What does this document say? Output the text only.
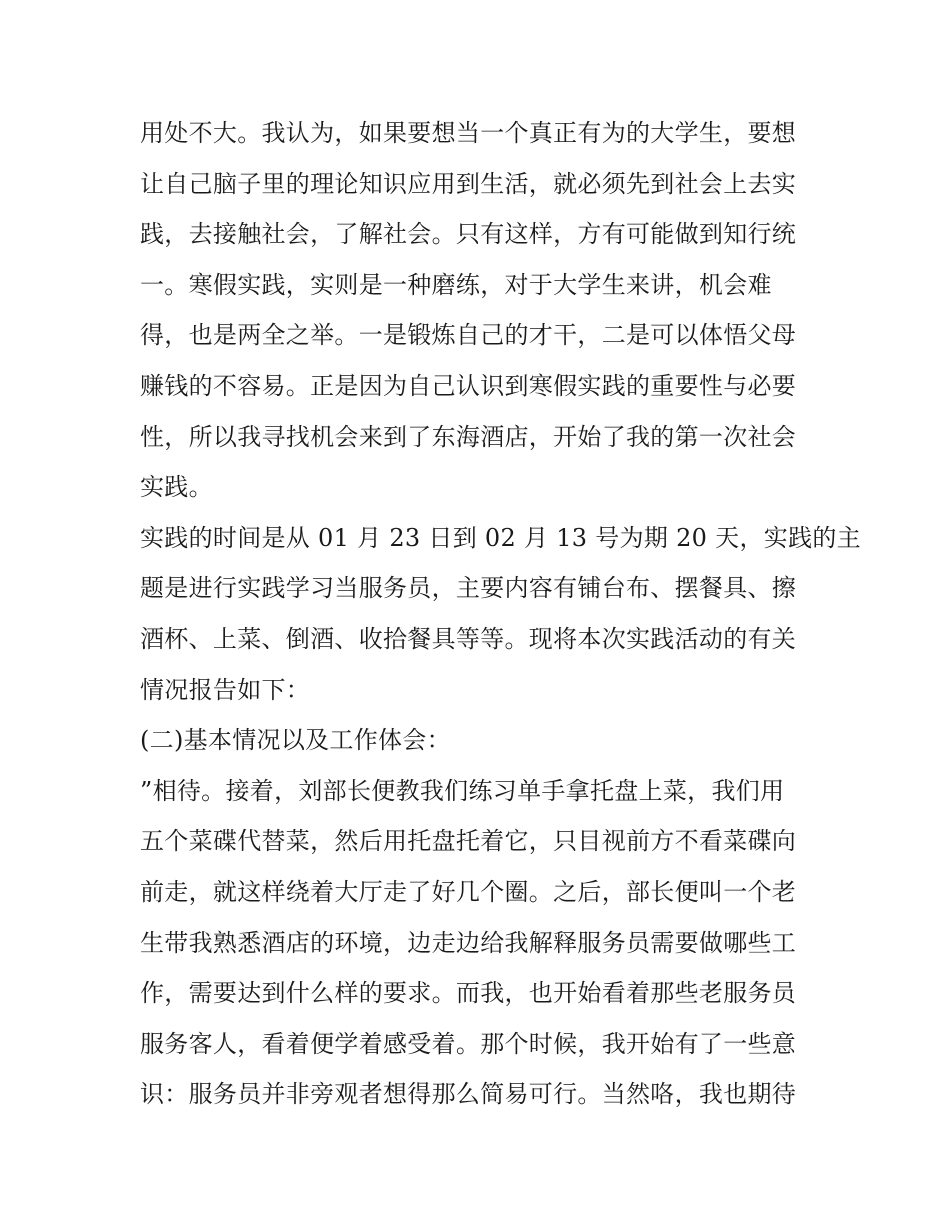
用处不大。我认为，如果要想当一个真正有为的大学生，要想
让自己脑子里的理论知识应用到生活，就必须先到社会上去实
践，去接触社会，了解社会。只有这样，方有可能做到知行统
一。寒假实践，实则是一种磨练，对于大学生来讲，机会难
得，也是两全之举。一是锻炼自己的才干，二是可以体悟父母
赚钱的不容易。正是因为自己认识到寒假实践的重要性与必要
性，所以我寻找机会来到了东海酒店，开始了我的第一次社会
实践。
实践的时间是从 01 月 23 日到 02 月 13 号为期 20 天，实践的主
题是进行实践学习当服务员，主要内容有铺台布、摆餐具、擦
酒杯、上菜、倒酒、收拾餐具等等。现将本次实践活动的有关
情况报告如下：
(二)基本情况以及工作体会：
”相待。接着，刘部长便教我们练习单手拿托盘上菜，我们用
五个菜碟代替菜，然后用托盘托着它，只目视前方不看菜碟向
前走，就这样绕着大厅走了好几个圈。之后，部长便叫一个老
生带我熟悉酒店的环境，边走边给我解释服务员需要做哪些工
作，需要达到什么样的要求。而我，也开始看着那些老服务员
服务客人，看着便学着感受着。那个时候，我开始有了一些意
识：服务员并非旁观者想得那么简易可行。当然咯，我也期待
